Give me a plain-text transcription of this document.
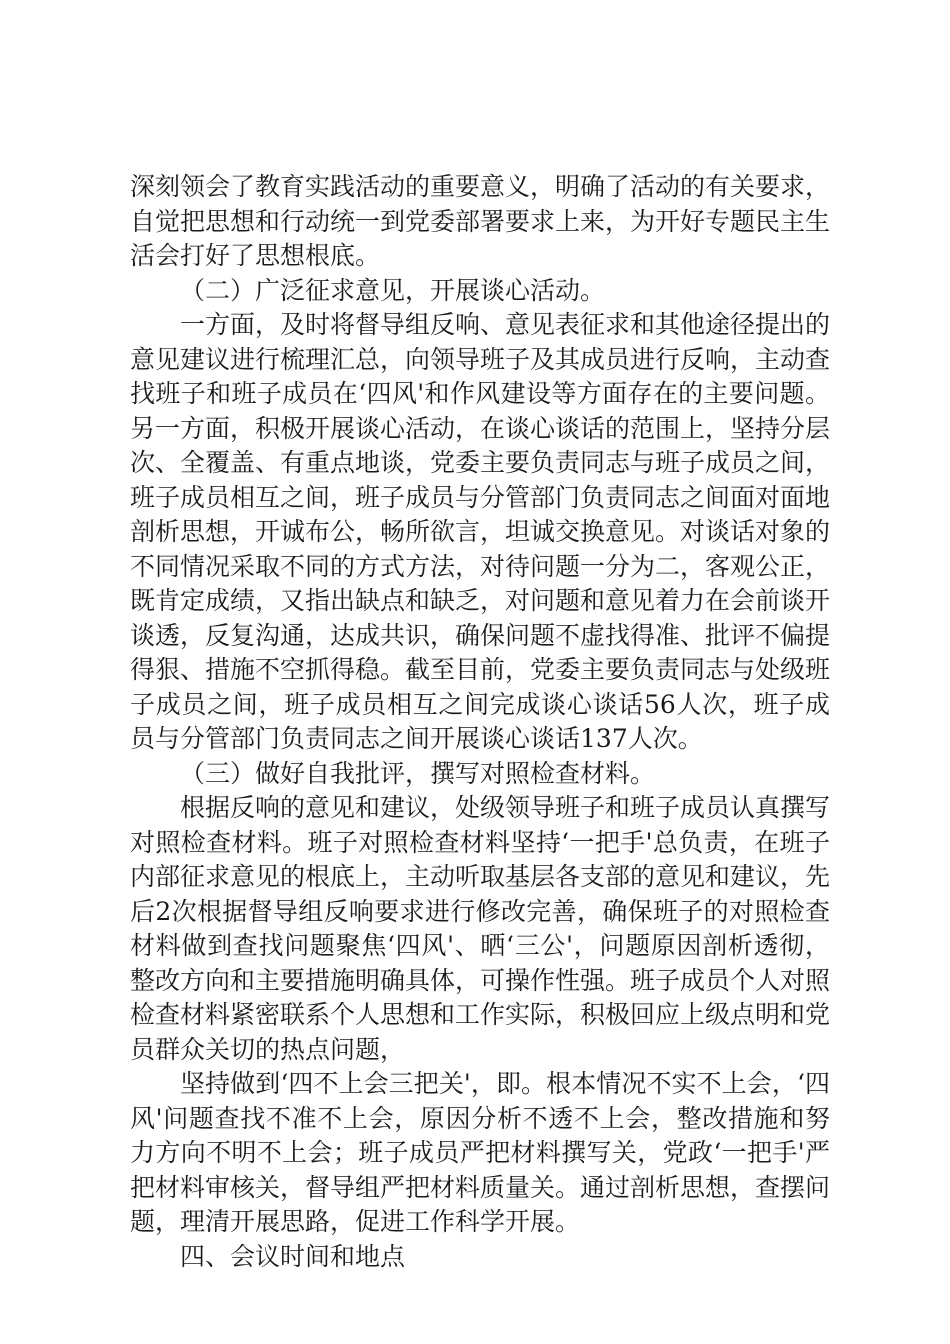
深刻领会了教育实践活动的重要意义，明确了活动的有关要求，自觉把思想和行动统一到党委部署要求上来，为开好专题民主生活会打好了思想根底。

（二）广泛征求意见，开展谈心活动。

一方面，及时将督导组反响、意见表征求和其他途径提出的意见建议进行梳理汇总，向领导班子及其成员进行反响，主动查找班子和班子成员在‘四风'和作风建设等方面存在的主要问题。另一方面，积极开展谈心活动，在谈心谈话的范围上，坚持分层次、全覆盖、有重点地谈，党委主要负责同志与班子成员之间，班子成员相互之间，班子成员与分管部门负责同志之间面对面地剖析思想，开诚布公，畅所欲言，坦诚交换意见。对谈话对象的不同情况采取不同的方式方法，对待问题一分为二，客观公正，既肯定成绩，又指出缺点和缺乏，对问题和意见着力在会前谈开谈透，反复沟通，达成共识，确保问题不虚找得准、批评不偏提得狠、措施不空抓得稳。截至目前，党委主要负责同志与处级班子成员之间，班子成员相互之间完成谈心谈话56人次，班子成员与分管部门负责同志之间开展谈心谈话137人次。

（三）做好自我批评，撰写对照检查材料。

根据反响的意见和建议，处级领导班子和班子成员认真撰写对照检查材料。班子对照检查材料坚持‘一把手'总负责，在班子内部征求意见的根底上，主动听取基层各支部的意见和建议，先后2次根据督导组反响要求进行修改完善，确保班子的对照检查材料做到查找问题聚焦‘四风'、晒‘三公'，问题原因剖析透彻，整改方向和主要措施明确具体，可操作性强。班子成员个人对照检查材料紧密联系个人思想和工作实际，积极回应上级点明和党员群众关切的热点问题，

坚持做到‘四不上会三把关'，即。根本情况不实不上会，‘四风'问题查找不准不上会，原因分析不透不上会，整改措施和努力方向不明不上会；班子成员严把材料撰写关，党政‘一把手'严把材料审核关，督导组严把材料质量关。通过剖析思想，查摆问题，理清开展思路，促进工作科学开展。

四、会议时间和地点
